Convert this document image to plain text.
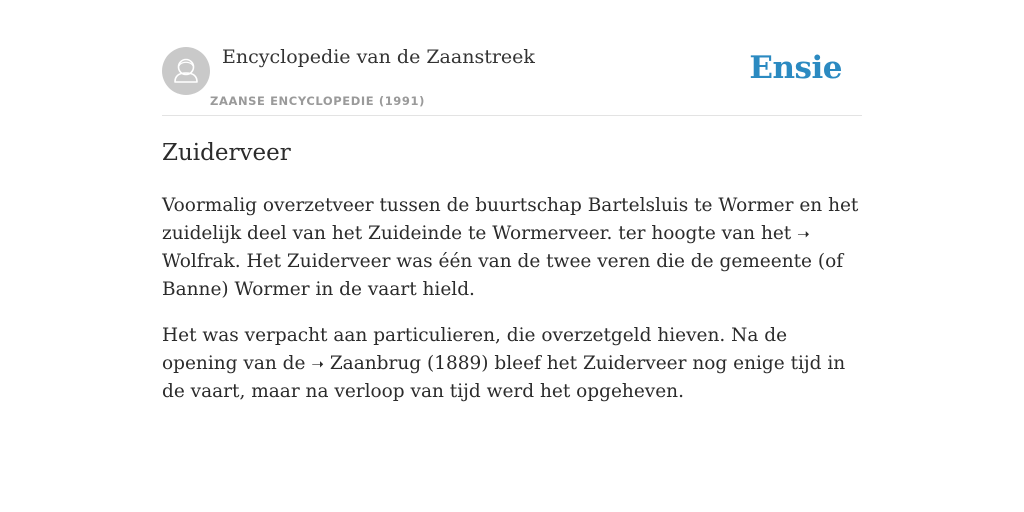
Encyclopedie van de Zaanstreek
ZAANSE ENCYCLOPEDIE (1991)
Ensie
Zuiderveer

Voormalig overzetveer tussen de buurtschap Bartelsluis te Wormer en het zuidelijk deel van het Zuideinde te Wormerveer. ter hoogte van het ➝ Wolfrak. Het Zuiderveer was één van de twee veren die de gemeente (of Banne) Wormer in de vaart hield.

Het was verpacht aan particulieren, die overzetgeld hieven. Na de opening van de ➝ Zaanbrug (1889) bleef het Zuiderveer nog enige tijd in de vaart, maar na verloop van tijd werd het opgeheven.
